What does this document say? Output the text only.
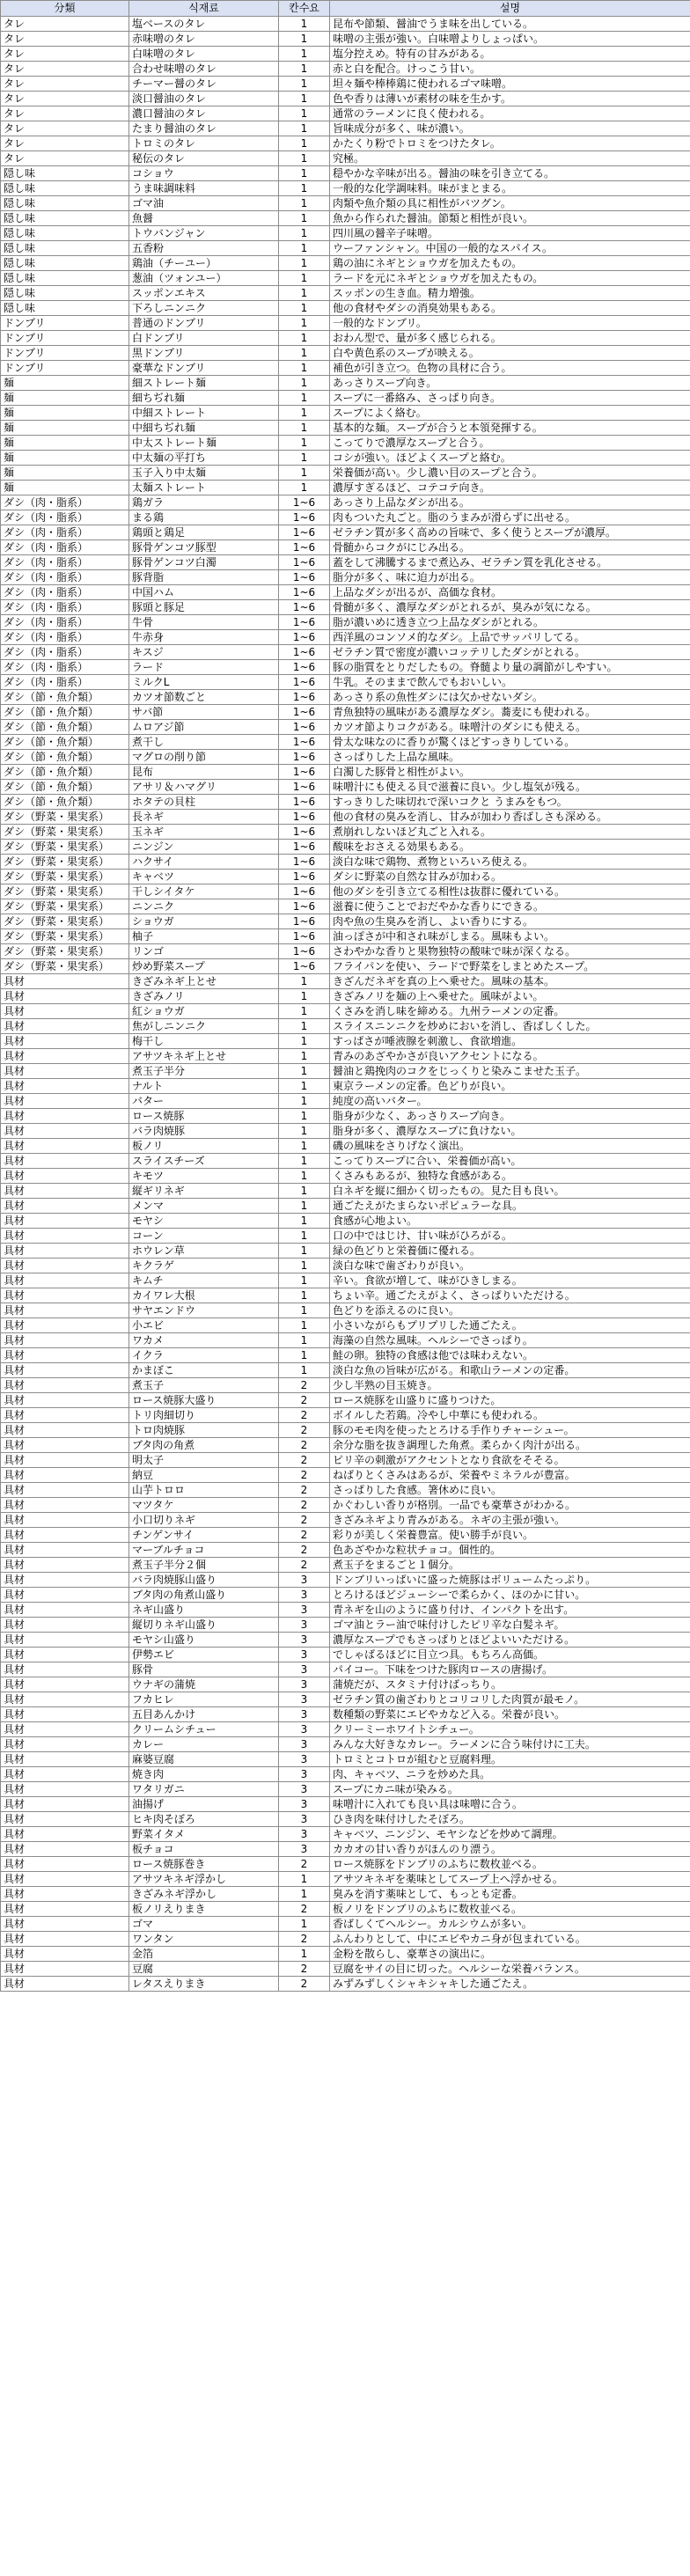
分類	식재료	칸수요	설명
タレ	塩ベースのタレ	1	昆布や節類、醤油でうま味を出している。
タレ	赤味噌のタレ	1	味噌の主張が強い。白味噌よりしょっぱい。
タレ	白味噌のタレ	1	塩分控えめ。特有の甘みがある。
タレ	合わせ味噌のタレ	1	赤と白を配合。けっこう甘い。
タレ	チーマー醤のタレ	1	坦々麺や棒棒鶏に使われるゴマ味噌。
タレ	淡口醤油のタレ	1	色や香りは薄いが素材の味を生かす。
タレ	濃口醤油のタレ	1	通常のラーメンに良く使われる。
タレ	たまり醤油のタレ	1	旨味成分が多く、味が濃い。
タレ	トロミのタレ	1	かたくり粉でトロミをつけたタレ。
タレ	秘伝のタレ	1	究極。
隠し味	コショウ	1	穏やかな辛味が出る。醤油の味を引き立てる。
隠し味	うま味調味料	1	一般的な化学調味料。味がまとまる。
隠し味	ゴマ油	1	肉類や魚介類の具に相性がバツグン。
隠し味	魚醤	1	魚から作られた醤油。節類と相性が良い。
隠し味	トウバンジャン	1	四川風の醤辛子味噌。
隠し味	五香粉	1	ウーファンシャン。中国の一般的なスパイス。
隠し味	鶏油（チーユー）	1	鶏の油にネギとショウガを加えたもの。
隠し味	葱油（ツォンユー）	1	ラードを元にネギとショウガを加えたもの。
隠し味	スッポンエキス	1	スッポンの生き血。精力増強。
隠し味	下ろしニンニク	1	他の食材やダシの消臭効果もある。
ドンブリ	普通のドンブリ	1	一般的なドンブリ。
ドンブリ	白ドンブリ	1	おわん型で、量が多く感じられる。
ドンブリ	黒ドンブリ	1	白や黄色系のスープが映える。
ドンブリ	豪華なドンブリ	1	補色が引き立つ。色物の具材に合う。
麺	細ストレート麺	1	あっさりスープ向き。
麺	細ちぢれ麺	1	スープに一番絡み、さっぱり向き。
麺	中細ストレート	1	スープによく絡む。
麺	中細ちぢれ麺	1	基本的な麺。スープが合うと本領発揮する。
麺	中太ストレート麺	1	こってりで濃厚なスープと合う。
麺	中太麺の平打ち	1	コシが強い。ほどよくスープと絡む。
麺	玉子入り中太麺	1	栄養価が高い。少し濃い目のスープと合う。
麺	太麺ストレート	1	濃厚すぎるほど、コテコテ向き。
ダシ（肉・脂系）	鶏ガラ	1~6	あっさり上品なダシが出る。
ダシ（肉・脂系）	まる鶏	1~6	肉もついた丸ごと。脂のうまみが滑らずに出せる。
ダシ（肉・脂系）	鶏頭と鶏足	1~6	ゼラチン質が多く高めの旨味で、多く使うとスープが濃厚。
ダシ（肉・脂系）	豚骨ゲンコツ豚型	1~6	骨髄からコクがにじみ出る。
ダシ（肉・脂系）	豚骨ゲンコツ白濁	1~6	蓋をして沸騰するまで煮込み、ゼラチン質を乳化させる。
ダシ（肉・脂系）	豚背脂	1~6	脂分が多く、味に迫力が出る。
ダシ（肉・脂系）	中国ハム	1~6	上品なダシが出るが、高価な食材。
ダシ（肉・脂系）	豚頭と豚足	1~6	骨髄が多く、濃厚なダシがとれるが、臭みが気になる。
ダシ（肉・脂系）	牛骨	1~6	脂が濃いめに透き立つ上品なダシがとれる。
ダシ（肉・脂系）	牛赤身	1~6	西洋風のコンソメ的なダシ。上品でサッパリしてる。
ダシ（肉・脂系）	キスジ	1~6	ゼラチン質で密度が濃いコッテリしたダシがとれる。
ダシ（肉・脂系）	ラード	1~6	豚の脂質をとりだしたもの。脊髄より量の調節がしやすい。
ダシ（肉・脂系）	ミルクL	1~6	牛乳。そのままで飲んでもおいしい。
ダシ（節・魚介類）	カツオ節数ごと	1~6	あっさり系の魚性ダシには欠かせないダシ。
ダシ（節・魚介類）	サバ節	1~6	青魚独特の風味がある濃厚なダシ。蕎麦にも使われる。
ダシ（節・魚介類）	ムロアジ節	1~6	カツオ節よりコクがある。味噌汁のダシにも使える。
ダシ（節・魚介類）	煮干し	1~6	骨太な味なのに香りが驚くほどすっきりしている。
ダシ（節・魚介類）	マグロの削り節	1~6	さっぱりした上品な風味。
ダシ（節・魚介類）	昆布	1~6	白濁した豚骨と相性がよい。
ダシ（節・魚介類）	アサリ＆ハマグリ	1~6	味噌汁にも使える貝で滋養に良い。少し塩気が残る。
ダシ（節・魚介類）	ホタテの貝柱	1~6	すっきりした味切れで深いコクと うまみをもつ。
ダシ（野菜・果実系）	長ネギ	1~6	他の食材の臭みを消し、甘みが加わり香ばしさも深める。
ダシ（野菜・果実系）	玉ネギ	1~6	煮崩れしないほど丸ごと入れる。
ダシ（野菜・果実系）	ニンジン	1~6	酸味をおさえる効果もある。
ダシ（野菜・果実系）	ハクサイ	1~6	淡白な味で鶏物、煮物といろいろ使える。
ダシ（野菜・果実系）	キャベツ	1~6	ダシに野菜の自然な甘みが加わる。
ダシ（野菜・果実系）	干しシイタケ	1~6	他のダシを引き立てる相性は抜群に優れている。
ダシ（野菜・果実系）	ニンニク	1~6	滋養に使うことでおだやかな香りにできる。
ダシ（野菜・果実系）	ショウガ	1~6	肉や魚の生臭みを消し、よい香りにする。
ダシ（野菜・果実系）	柚子	1~6	油っぽさが中和され味がしまる。風味もよい。
ダシ（野菜・果実系）	リンゴ	1~6	さわやかな香りと果物独特の酸味で味が深くなる。
ダシ（野菜・果実系）	炒め野菜スープ	1~6	フライパンを使い、ラードで野菜をしまとめたスープ。
具材	きざみネギ上とせ	1	きざんだネギを真の上へ乗せた。風味の基本。
具材	きざみノリ	1	きざみノリを麺の上へ乗せた。風味がよい。
具材	紅ショウガ	1	くさみを消し味を締める。九州ラーメンの定番。
具材	焦がしニンニク	1	スライスニンニクを炒めにおいを消し、香ばしくした。
具材	梅干し	1	すっぱさが唾液腺を刺激し、食欲増進。
具材	アサツキネギ上とせ	1	青みのあざやかさが良いアクセントになる。
具材	煮玉子半分	1	醤油と鶏挽肉のコクをじっくりと染みこませた玉子。
具材	ナルト	1	東京ラーメンの定番。色どりが良い。
具材	バター	1	純度の高いバター。
具材	ロース焼豚	1	脂身が少なく、あっさりスープ向き。
具材	バラ肉焼豚	1	脂身が多く、濃厚なスープに負けない。
具材	板ノリ	1	磯の風味をさりげなく演出。
具材	スライスチーズ	1	こってりスープに合い、栄養価が高い。
具材	キモツ	1	くさみもあるが、独特な食感がある。
具材	縦ギリネギ	1	白ネギを縦に細かく切ったもの。見た目も良い。
具材	メンマ	1	通ごたえがたまらないポピュラーな具。
具材	モヤシ	1	食感が心地よい。
具材	コーン	1	口の中ではじけ、甘い味がひろがる。
具材	ホウレン草	1	緑の色どりと栄養価に優れる。
具材	キクラゲ	1	淡白な味で歯ざわりが良い。
具材	キムチ	1	辛い。食欲が増して、味がひきしまる。
具材	カイワレ大根	1	ちょい辛。通ごたえがよく、さっぱりいただける。
具材	サヤエンドウ	1	色どりを添えるのに良い。
具材	小エビ	1	小さいながらもプリプリした通ごたえ。
具材	ワカメ	1	海藻の自然な風味。ヘルシーでさっぱり。
具材	イクラ	1	鮭の卵。独特の食感は他では味わえない。
具材	かまぼこ	1	淡白な魚の旨味が広がる。和歌山ラーメンの定番。
具材	煮玉子	2	少し半熟の目玉焼き。
具材	ロース焼豚大盛り	2	ロース焼豚を山盛りに盛りつけた。
具材	トリ肉細切り	2	ボイルした若鶏。冷やし中華にも使われる。
具材	トロ肉焼豚	2	豚のモモ肉を使ったとろける手作りチャーシュー。
具材	ブタ肉の角煮	2	余分な脂を抜き調理した角煮。柔らかく肉汁が出る。
具材	明太子	2	ピリ辛の刺激がアクセントとなり食欲をそそる。
具材	納豆	2	ねばりとくさみはあるが、栄養やミネラルが豊富。
具材	山芋トロロ	2	さっぱりした食感。箸休めに良い。
具材	マツタケ	2	かぐわしい香りが格別。一品でも豪華さがわかる。
具材	小口切りネギ	2	きざみネギより青みがある。ネギの主張が強い。
具材	チンゲンサイ	2	彩りが美しく栄養豊富。使い勝手が良い。
具材	マーブルチョコ	2	色あざやかな粒状チョコ。個性的。
具材	煮玉子半分２個	2	煮玉子をまるごと１個分。
具材	バラ肉焼豚山盛り	3	ドンブリいっぱいに盛った焼豚はボリュームたっぷり。
具材	ブタ肉の角煮山盛り	3	とろけるほどジューシーで柔らかく、ほのかに甘い。
具材	ネギ山盛り	3	青ネギを山のように盛り付け、インパクトを出す。
具材	縦切りネギ山盛り	3	ゴマ油とラー油で味付けしたピリ辛な白髪ネギ。
具材	モヤシ山盛り	3	濃厚なスープでもさっぱりとほどよいいただける。
具材	伊勢エビ	3	でしゃばるほどに目立つ具。もちろん高価。
具材	豚骨	3	パイコー。下味をつけた豚肉ロースの唐揚げ。
具材	ウナギの蒲焼	3	蒲焼だが、スタミナ付けばっちり。
具材	フカヒレ	3	ゼラチン質の歯ざわりとコリコリした肉質が最モノ。
具材	五目あんかけ	3	数種類の野菜にエビやカなど入る。栄養が良い。
具材	クリームシチュー	3	クリーミーホワイトシチュー。
具材	カレー	3	みんな大好きなカレー。ラーメンに合う味付けに工夫。
具材	麻婆豆腐	3	トロミとコトロが組むと豆腐料理。
具材	焼き肉	3	肉、キャベツ、ニラを炒めた具。
具材	ワタリガニ	3	スープにカニ味が染みる。
具材	油揚げ	3	味噌汁に入れても良い具は味噌に合う。
具材	ヒキ肉そぼろ	3	ひき肉を味付けしたそぼろ。
具材	野菜イタメ	3	キャベツ、ニンジン、モヤシなどを炒めて調理。
具材	板チョコ	3	カカオの甘い香りがほんのり漂う。
具材	ロース焼豚巻き	2	ロース焼豚をドンブリのふちに数枚並べる。
具材	アサツキネギ浮かし	1	アサツキネギを薬味としてスープ上へ浮かせる。
具材	きざみネギ浮かし	1	臭みを消す薬味として、もっとも定番。
具材	板ノリえりまき	2	板ノリをドンブリのふちに数枚並べる。
具材	ゴマ	1	香ばしくてヘルシー。カルシウムが多い。
具材	ワンタン	2	ふんわりとして、中にエビやカニ身が包まれている。
具材	金箔	1	金粉を散らし、豪華さの演出に。
具材	豆腐	2	豆腐をサイの目に切った。ヘルシーな栄養バランス。
具材	レタスえりまき	2	みずみずしくシャキシャキした通ごたえ。
